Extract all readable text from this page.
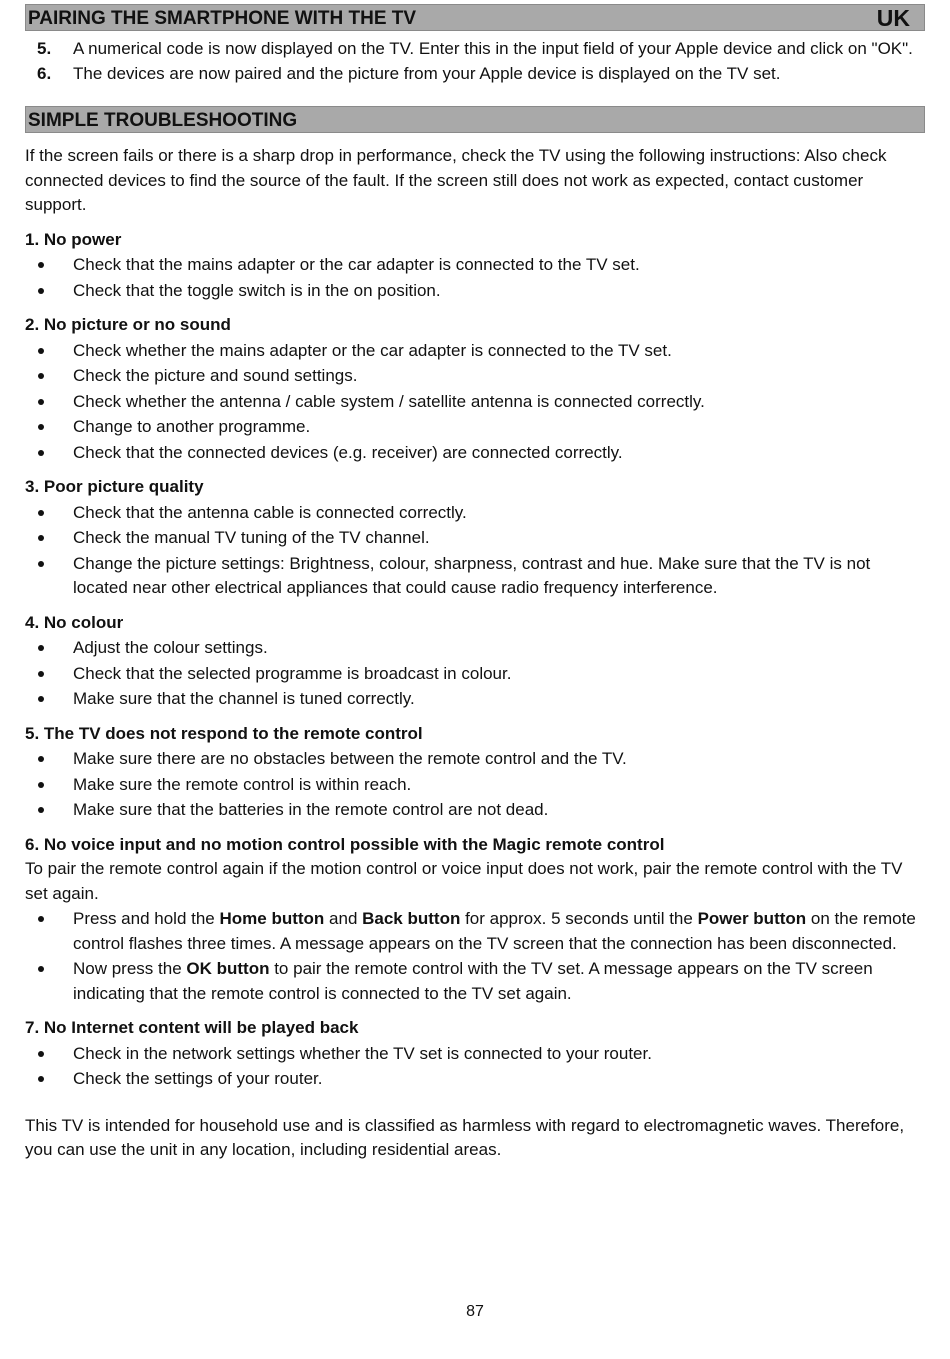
PAIRING THE SMARTPHONE WITH THE TV	UK
5. A numerical code is now displayed on the TV. Enter this in the input field of your Apple device and click on "OK".
6. The devices are now paired and the picture from your Apple device is displayed on the TV set.
SIMPLE TROUBLESHOOTING

If the screen fails or there is a sharp drop in performance, check the TV using the following instructions: Also check connected devices to find the source of the fault. If the screen still does not work as expected, contact customer support.

1. No power
Check that the mains adapter or the car adapter is connected to the TV set.
Check that the toggle switch is in the on position.
2. No picture or no sound
Check whether the mains adapter or the car adapter is connected to the TV set.
Check the picture and sound settings.
Check whether the antenna / cable system / satellite antenna is connected correctly.
Change to another programme.
Check that the connected devices (e.g. receiver) are connected correctly.
3. Poor picture quality
Check that the antenna cable is connected correctly.
Check the manual TV tuning of the TV channel.
Change the picture settings: Brightness, colour, sharpness, contrast and hue. Make sure that the TV is not located near other electrical appliances that could cause radio frequency interference.
4. No colour
Adjust the colour settings.
Check that the selected programme is broadcast in colour.
Make sure that the channel is tuned correctly.
5. The TV does not respond to the remote control
Make sure there are no obstacles between the remote control and the TV.
Make sure the remote control is within reach.
Make sure that the batteries in the remote control are not dead.
6. No voice input and no motion control possible with the Magic remote control

To pair the remote control again if the motion control or voice input does not work, pair the remote control with the TV set again.

Press and hold the Home button and Back button for approx. 5 seconds until the Power button on the remote control flashes three times. A message appears on the TV screen that the connection has been disconnected.
Now press the OK button to pair the remote control with the TV set. A message appears on the TV screen indicating that the remote control is connected to the TV set again.
7. No Internet content will be played back
Check in the network settings whether the TV set is connected to your router.
Check the settings of your router.

This TV is intended for household use and is classified as harmless with regard to electromagnetic waves. Therefore, you can use the unit in any location, including residential areas.

87
